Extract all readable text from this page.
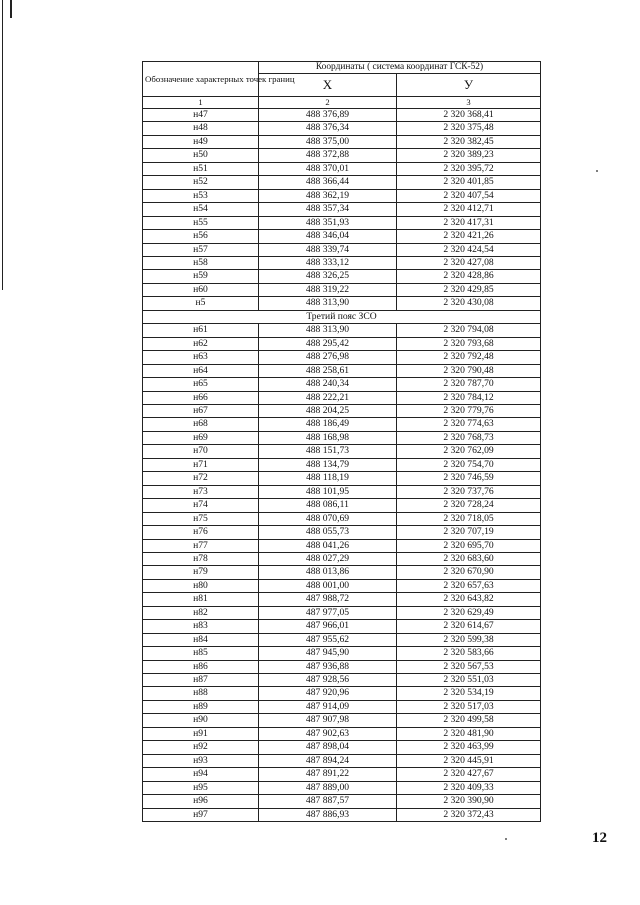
Обозначение характерных точек границ	Координаты ( система координат ГСК-52)	
	X	У
1	2	3
н47	488 376,89	2 320 368,41
н48	488 376,34	2 320 375,48
н49	488 375,00	2 320 382,45
н50	488 372,88	2 320 389,23
н51	488 370,01	2 320 395,72
н52	488 366,44	2 320 401,85
н53	488 362,19	2 320 407,54
н54	488 357,34	2 320 412,71
н55	488 351,93	2 320 417,31
н56	488 346,04	2 320 421,26
н57	488 339,74	2 320 424,54
н58	488 333,12	2 320 427,08
н59	488 326,25	2 320 428,86
н60	488 319,22	2 320 429,85
н5	488 313,90	2 320 430,08
Третий пояс ЗСО		
н61	488 313,90	2 320 794,08
н62	488 295,42	2 320 793,68
н63	488 276,98	2 320 792,48
н64	488 258,61	2 320 790,48
н65	488 240,34	2 320 787,70
н66	488 222,21	2 320 784,12
н67	488 204,25	2 320 779,76
н68	488 186,49	2 320 774,63
н69	488 168,98	2 320 768,73
н70	488 151,73	2 320 762,09
н71	488 134,79	2 320 754,70
н72	488 118,19	2 320 746,59
н73	488 101,95	2 320 737,76
н74	488 086,11	2 320 728,24
н75	488 070,69	2 320 718,05
н76	488 055,73	2 320 707,19
н77	488 041,26	2 320 695,70
н78	488 027,29	2 320 683,60
н79	488 013,86	2 320 670,90
н80	488 001,00	2 320 657,63
н81	487 988,72	2 320 643,82
н82	487 977,05	2 320 629,49
н83	487 966,01	2 320 614,67
н84	487 955,62	2 320 599,38
н85	487 945,90	2 320 583,66
н86	487 936,88	2 320 567,53
н87	487 928,56	2 320 551,03
н88	487 920,96	2 320 534,19
н89	487 914,09	2 320 517,03
н90	487 907,98	2 320 499,58
н91	487 902,63	2 320 481,90
н92	487 898,04	2 320 463,99
н93	487 894,24	2 320 445,91
н94	487 891,22	2 320 427,67
н95	487 889,00	2 320 409,33
н96	487 887,57	2 320 390,90
н97	487 886,93	2 320 372,43
12
